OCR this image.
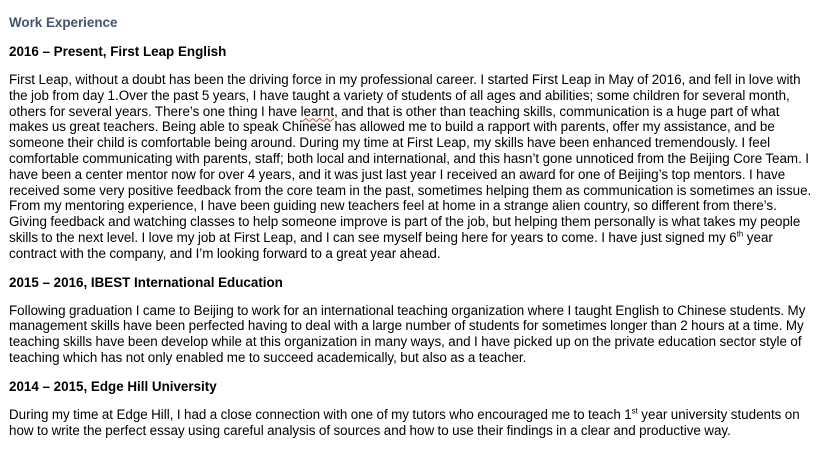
Work Experience
2016 – Present, First Leap English

First Leap, without a doubt has been the driving force in my professional career. I started First Leap in May of 2016, and fell in love with the job from day 1.Over the past 5 years, I have taught a variety of students of all ages and abilities; some children for several month, others for several years. There’s one thing I have learnt, and that is other than teaching skills, communication is a huge part of what makes us great teachers. Being able to speak Chinese has allowed me to build a rapport with parents, offer my assistance, and be someone their child is comfortable being around. During my time at First Leap, my skills have been enhanced tremendously. I feel comfortable communicating with parents, staff; both local and international, and this hasn’t gone unnoticed from the Beijing Core Team. I have been a center mentor now for over 4 years, and it was just last year I received an award for one of Beijing’s top mentors. I have received some very positive feedback from the core team in the past, sometimes helping them as communication is sometimes an issue. From my mentoring experience, I have been guiding new teachers feel at home in a strange alien country, so different from there’s. Giving feedback and watching classes to help someone improve is part of the job, but helping them personally is what takes my people skills to the next level. I love my job at First Leap, and I can see myself being here for years to come. I have just signed my 6th year contract with the company, and I’m looking forward to a great year ahead.

2015 – 2016, IBEST International Education

Following graduation I came to Beijing to work for an international teaching organization where I taught English to Chinese students. My management skills have been perfected having to deal with a large number of students for sometimes longer than 2 hours at a time. My teaching skills have been develop while at this organization in many ways, and I have picked up on the private education sector style of teaching which has not only enabled me to succeed academically, but also as a teacher.

2014 – 2015, Edge Hill University

During my time at Edge Hill, I had a close connection with one of my tutors who encouraged me to teach 1st year university students on how to write the perfect essay using careful analysis of sources and how to use their findings in a clear and productive way.
